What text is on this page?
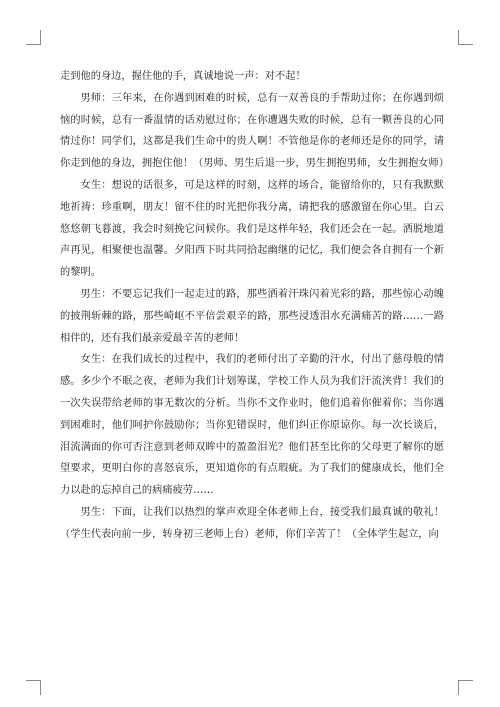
走到他的身边，握住他的手，真诚地说一声：对不起！

男师：三年来，在你遇到困难的时候，总有一双善良的手帮助过你；在你遇到烦恼的时候，总有一番温情的话劝慰过你；在你遭遇失败的时候，总有一颗善良的心同情过你！同学们，这都是我们生命中的贵人啊！不管他是你的老师还是你的同学，请你走到他的身边，拥抱住他！（男师、男生后退一步，男生拥抱男师，女生拥抱女师）

女生：想说的话很多，可是这样的时刻，这样的场合，能留给你的，只有我默默地祈祷：珍重啊，朋友！留不住的时光把你我分离，请把我的感激留在你心里。白云悠悠朝飞暮渡，我会时刻挽它问候你。我们是这样年轻，我们还会在一起。洒脱地道声再见，相聚便也温馨。夕阳西下时共同拾起幽继的记忆，我们便会各自拥有一个新的黎明。

男生：不要忘记我们一起走过的路，那些洒着汗珠闪着光彩的路，那些惊心动魄的披荆斩棘的路，那些崎岖不平倍尝艰辛的路，那些浸透泪水充满痛苦的路……一路相伴的，还有我们最亲爱最辛苦的老师！

女生：在我们成长的过程中，我们的老师付出了辛勤的汗水，付出了慈母般的情感。多少个不眠之夜，老师为我们计划筹谋，学校工作人员为我们汗流浃背！我们的一次失误带给老师的事无数次的分析。当你不文作业时，他们追着你催着你；当你遇到困难时，他们呵护你鼓励你；当你犯错误时，他们纠正你原谅你。每一次长谈后，泪流满面的你可否注意到老师双眸中的盈盈泪光？他们甚至比你的父母更了解你的愿望要求，更明白你的喜怒哀乐，更知道你的有点瑕疵。为了我们的健康成长，他们全力以赴的忘掉自己的病痛疲劳……

男生：下面，让我们以热烈的掌声欢迎全体老师上台，接受我们最真诚的敬礼！（学生代表向前一步，转身初三老师上台）老师，你们辛苦了！（全体学生起立，向
